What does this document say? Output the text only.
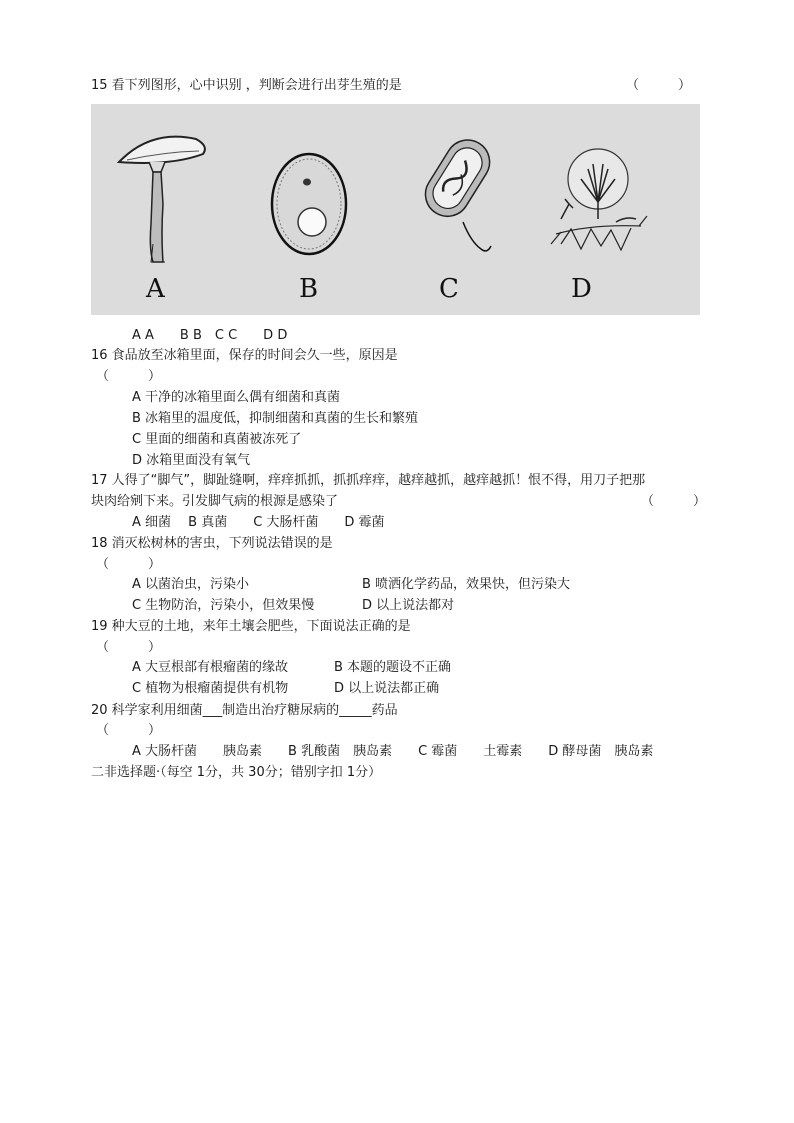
15 看下列图形，心中识别 ，判断会进行出芽生殖的是	（　　　）
A	B	C	D
A A　　B B　C C　　D D
16 食品放至冰箱里面，保存的时间会久一些，原因是
（　　　）
A 干净的冰箱里面么偶有细菌和真菌
B 冰箱里的温度低，抑制细菌和真菌的生长和繁殖
C 里面的细菌和真菌被冻死了
D 冰箱里面没有氧气
17 人得了“脚气”，脚趾缝啊，痒痒抓抓，抓抓痒痒，越痒越抓，越痒越抓！恨不得，用刀子把那
块肉给剜下来。引发脚气病的根源是感染了	（　　　）
A 细菌　 B 真菌　　C 大肠杆菌　　D 霉菌
18 消灭松树林的害虫，下列说法错误的是
（　　　）
A 以菌治虫，污染小	B 喷洒化学药品，效果快，但污染大
C 生物防治，污染小，但效果慢	D 以上说法都对
19 种大豆的土地，来年土壤会肥些，下面说法正确的是
（　　　）
A 大豆根部有根瘤菌的缘故	B 本题的题设不正确
C 植物为根瘤菌提供有机物	D 以上说法都正确
20 科学家利用细菌___制造出治疗糖尿病的_____药品
（　　　）
A 大肠杆菌　　胰岛素　　B 乳酸菌　胰岛素　　C 霉菌　　土霉素　　D 酵母菌　胰岛素
二非选择题·（每空 1分，共 30分；错别字扣 1分）
